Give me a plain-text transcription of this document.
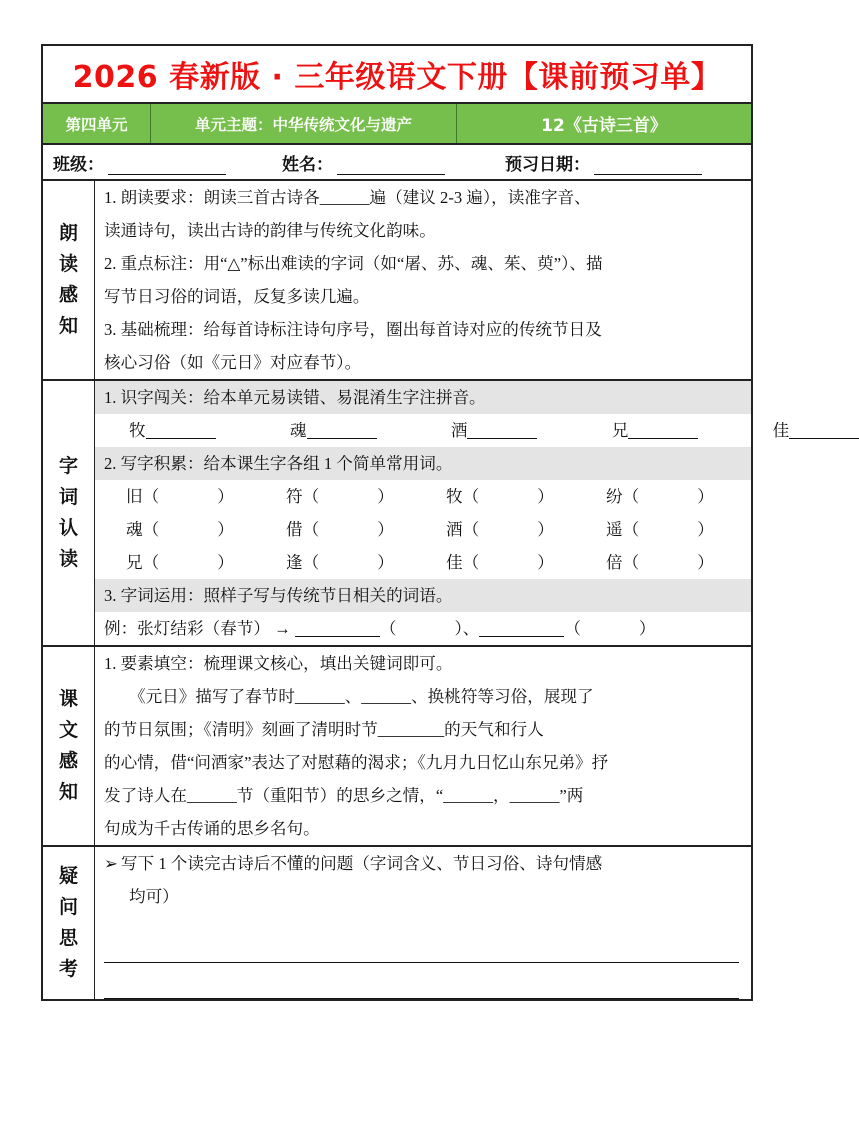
2026 春新版 · 三年级语文下册【课前预习单】
第四单元	单元主题：中华传统文化与遗产	12《古诗三首》
班级：	姓名：	预习日期：
朗
读
感
知
1. 朗读要求：朗读三首古诗各______遍（建议 2-3 遍），读准字音、
读通诗句，读出古诗的韵律与传统文化韵味。
2. 重点标注：用“△”标出难读的字词（如“屠、苏、魂、茱、萸”）、描
写节日习俗的词语，反复多读几遍。
3. 基础梳理：给每首诗标注诗句序号，圈出每首诗对应的传统节日及
核心习俗（如《元日》对应春节）。
字
词
认
读
1. 识字闯关：给本单元易读错、易混淆生字注拼音。
牧	魂	酒	兄	佳
2. 写字积累：给本课生字各组 1 个简单常用词。
旧 （	）	符 （	）	牧 （	）	纷 （	）
魂 （	）	借 （	）	酒 （	）	遥 （	）
兄 （	）	逢 （	）	佳 （	）	倍 （	）
3. 字词运用：照样子写与传统节日相关的词语。
例：张灯结彩（春节） →	（	）、	（	）
课
文
感
知
1. 要素填空：梳理课文核心，填出关键词即可。
《元日》描写了春节时______、______、换桃符等习俗，展现了
的节日氛围；《清明》刻画了清明时节________的天气和行人
的心情，借“问酒家”表达了对慰藉的渴求；《九月九日忆山东兄弟》抒
发了诗人在______节（重阳节）的思乡之情，“______，______”两
句成为千古传诵的思乡名句。
疑
问
思
考
➢ 写下 1 个读完古诗后不懂的问题（字词含义、节日习俗、诗句情感
均可）
